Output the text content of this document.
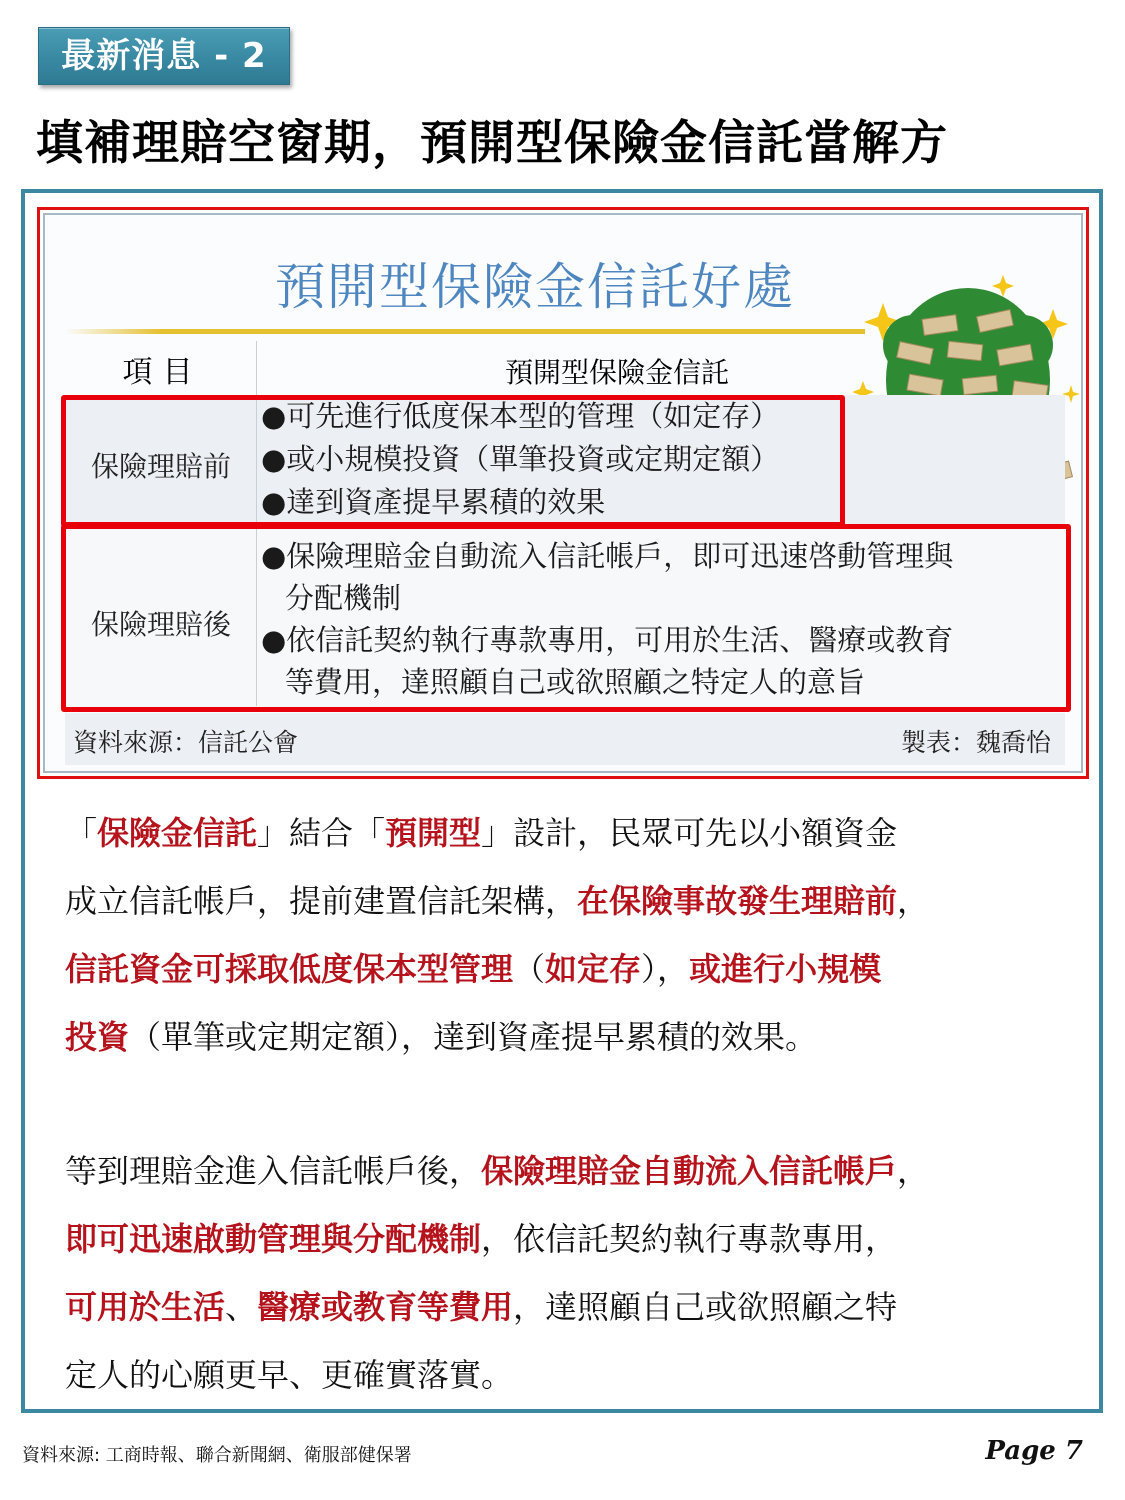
最新消息 - 2
填補理賠空窗期，預開型保險金信託當解方
預開型保險金信託好處
項目	預開型保險金信託
保險理賠前
●可先進行低度保本型的管理（如定存）
●或小規模投資（單筆投資或定期定額）
●達到資產提早累積的效果
保險理賠後
●保險理賠金自動流入信託帳戶，即可迅速啓動管理與
分配機制
●依信託契約執行專款專用，可用於生活、醫療或教育
等費用，達照顧自己或欲照顧之特定人的意旨
資料來源：信託公會	製表：魏喬怡
「保險金信託」結合「預開型」設計，民眾可先以小額資金
成立信託帳戶，提前建置信託架構，在保險事故發生理賠前，
信託資金可採取低度保本型管理（如定存），或進行小規模
投資（單筆或定期定額），達到資產提早累積的效果。
等到理賠金進入信託帳戶後，保險理賠金自動流入信託帳戶，
即可迅速啟動管理與分配機制，依信託契約執行專款專用，
可用於生活、醫療或教育等費用，達照顧自己或欲照顧之特
定人的心願更早、更確實落實。
資料來源: 工商時報、聯合新聞網、衛服部健保署	Page 7
